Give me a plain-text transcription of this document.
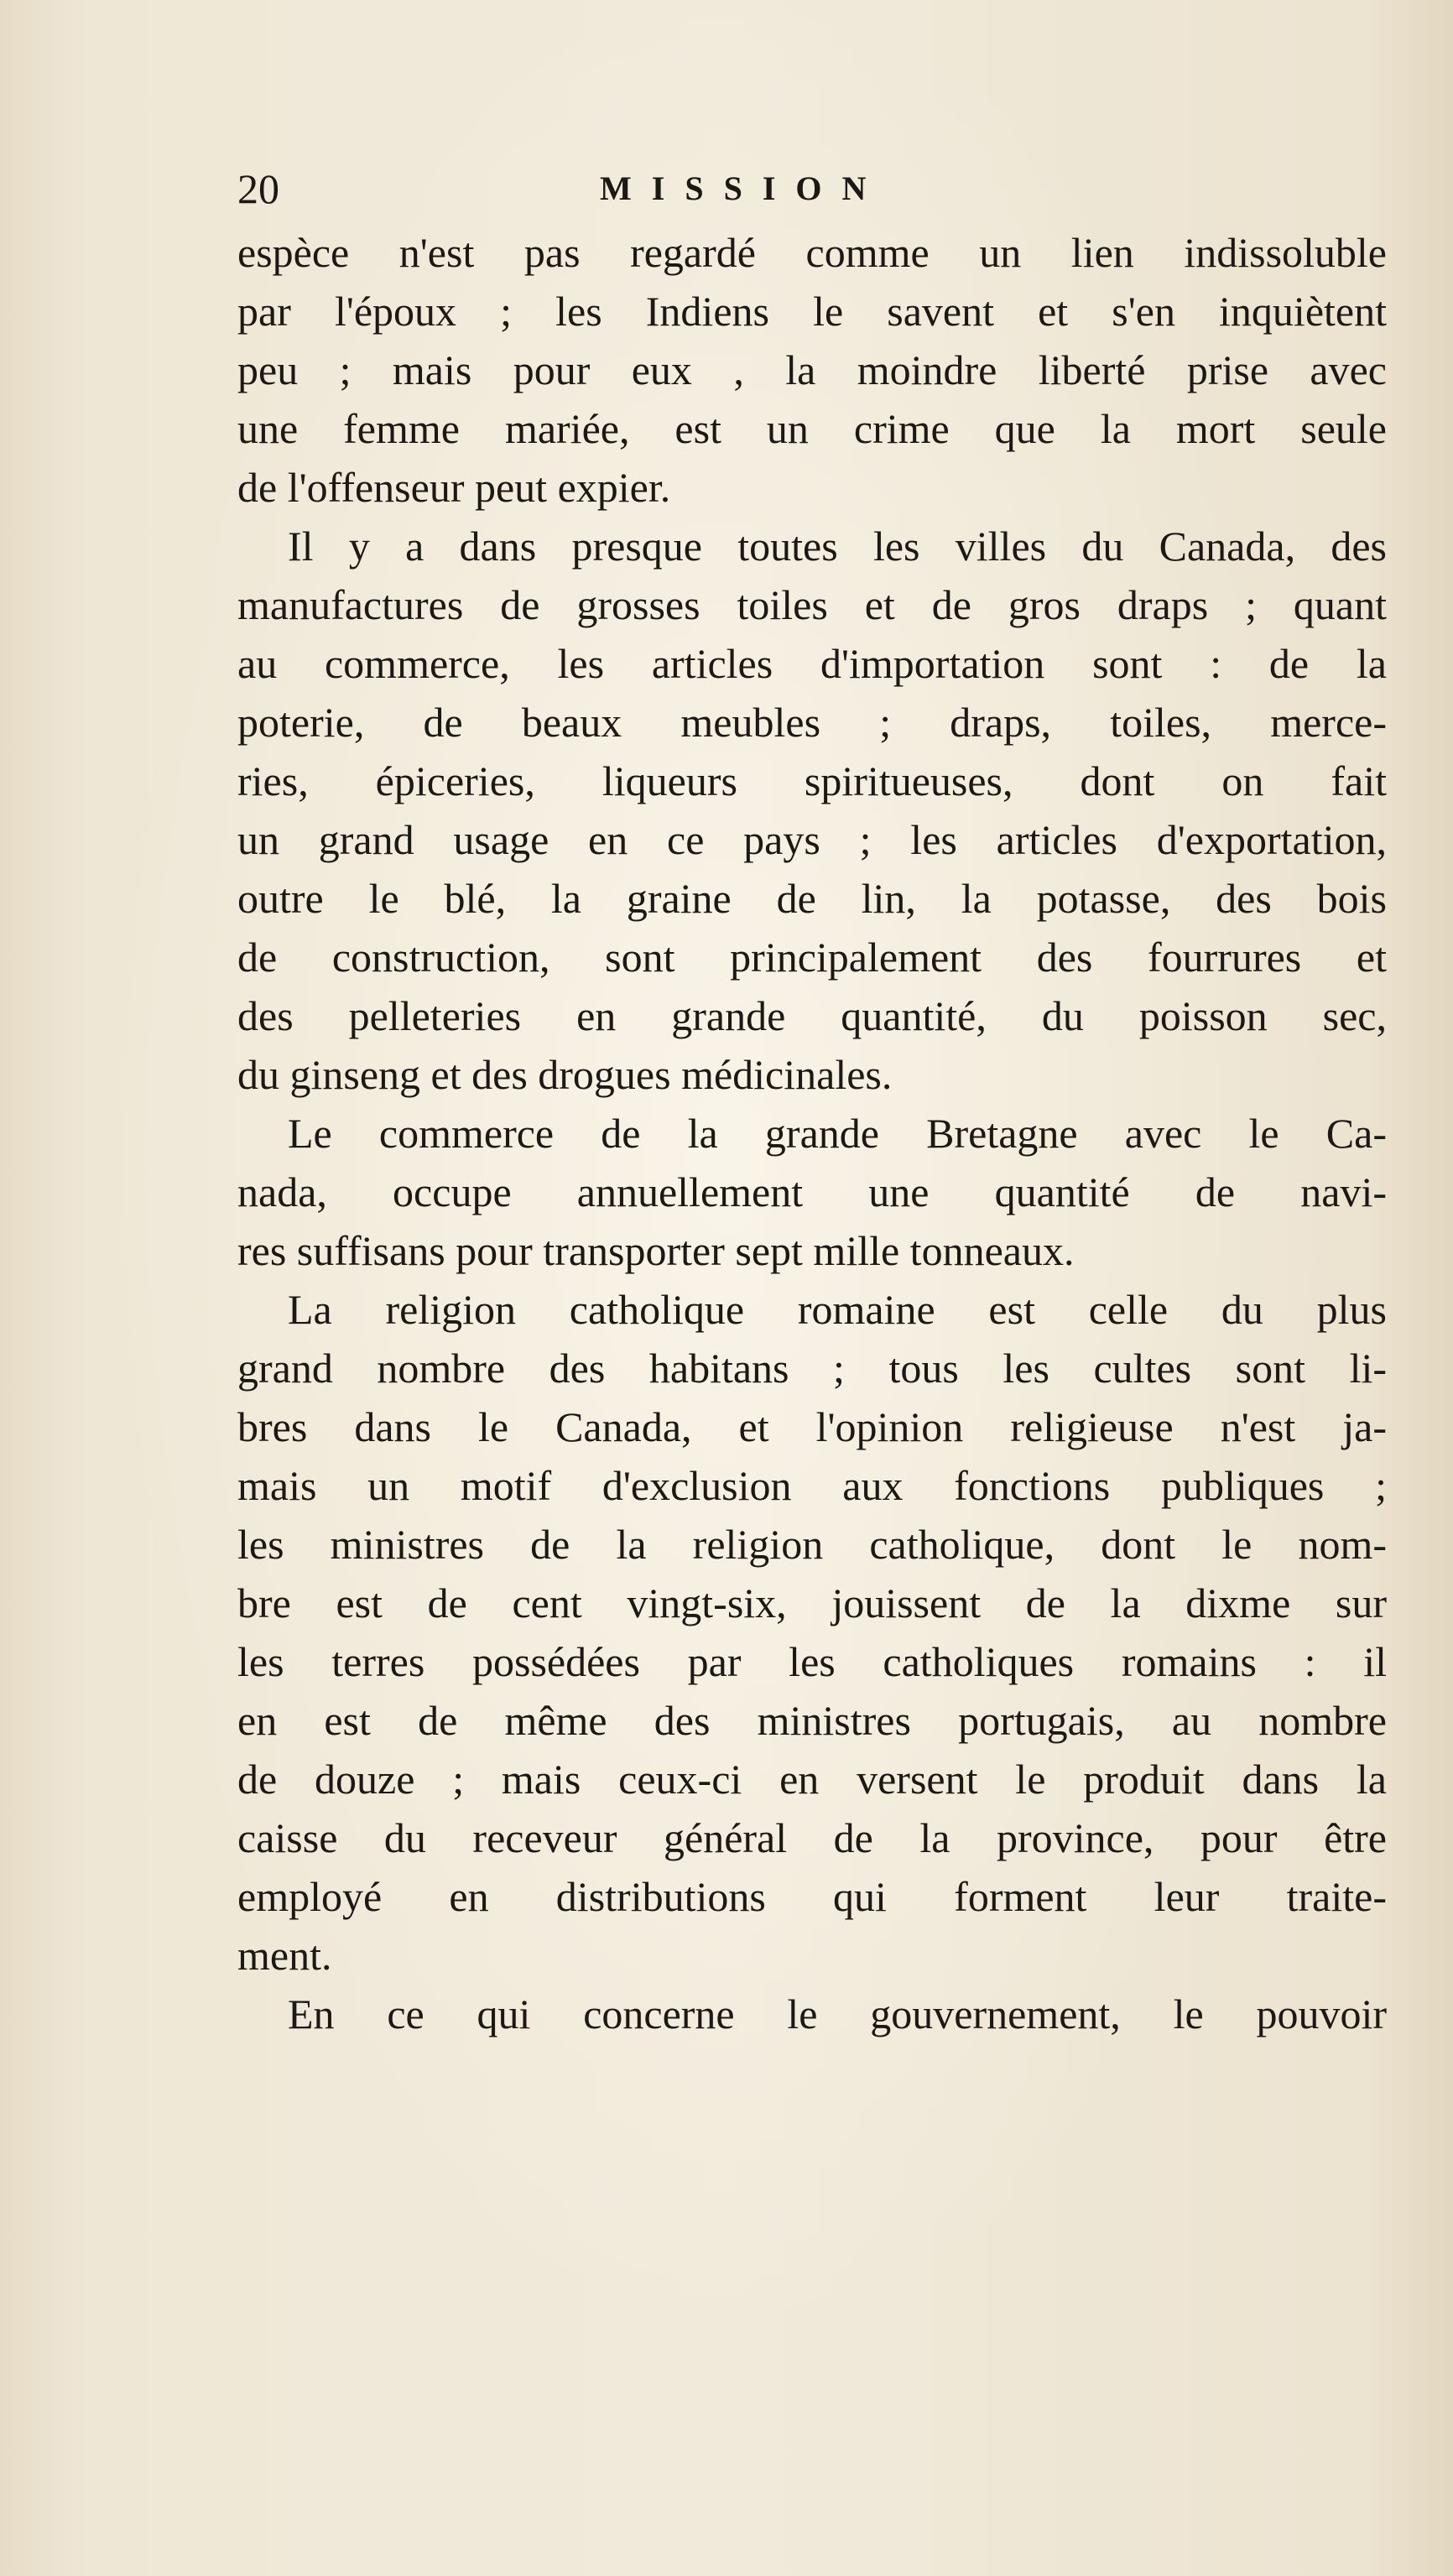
20	MISSION

espèce n'est pas regardé comme un lien indissoluble
par l'époux ; les Indiens le savent et s'en inquiètent
peu ; mais pour eux , la moindre liberté prise avec
une femme mariée, est un crime que la mort seule
de l'offenseur peut expier.

Il y a dans presque toutes les villes du Canada, des
manufactures de grosses toiles et de gros draps ; quant
au commerce, les articles d'importation sont : de la
poterie, de beaux meubles ; draps, toiles, merce-
ries, épiceries, liqueurs spiritueuses, dont on fait
un grand usage en ce pays ; les articles d'exportation,
outre le blé, la graine de lin, la potasse, des bois
de construction, sont principalement des fourrures et
des pelleteries en grande quantité, du poisson sec,
du ginseng et des drogues médicinales.

Le commerce de la grande Bretagne avec le Ca-
nada, occupe annuellement une quantité de navi-
res suffisans pour transporter sept mille tonneaux.

La religion catholique romaine est celle du plus
grand nombre des habitans ; tous les cultes sont li-
bres dans le Canada, et l'opinion religieuse n'est ja-
mais un motif d'exclusion aux fonctions publiques ;
les ministres de la religion catholique, dont le nom-
bre est de cent vingt-six, jouissent de la dixme sur
les terres possédées par les catholiques romains : il
en est de même des ministres portugais, au nombre
de douze ; mais ceux-ci en versent le produit dans la
caisse du receveur général de la province, pour être
employé en distributions qui forment leur traite-
ment.

En ce qui concerne le gouvernement, le pouvoir
